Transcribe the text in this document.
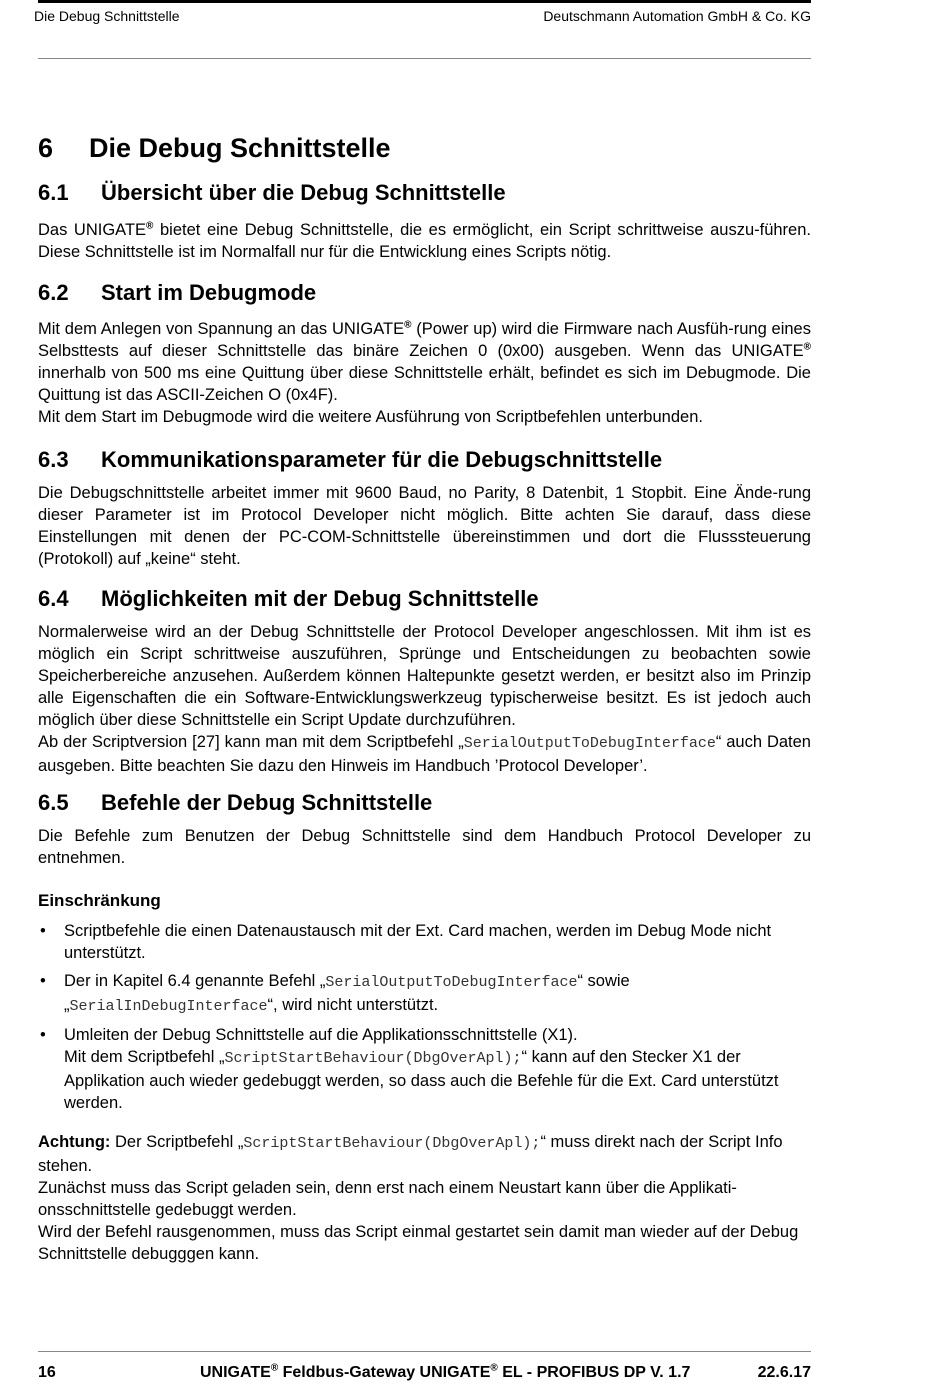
Die Debug Schnittstelle	Deutschmann Automation GmbH & Co. KG
6 Die Debug Schnittstelle
6.1 Übersicht über die Debug Schnittstelle
Das UNIGATE® bietet eine Debug Schnittstelle, die es ermöglicht, ein Script schrittweise auszu-führen. Diese Schnittstelle ist im Normalfall nur für die Entwicklung eines Scripts nötig.
6.2 Start im Debugmode
Mit dem Anlegen von Spannung an das UNIGATE® (Power up) wird die Firmware nach Ausfüh-rung eines Selbsttests auf dieser Schnittstelle das binäre Zeichen 0 (0x00) ausgeben. Wenn das UNIGATE® innerhalb von 500 ms eine Quittung über diese Schnittstelle erhält, befindet es sich im Debugmode. Die Quittung ist das ASCII-Zeichen O (0x4F).
Mit dem Start im Debugmode wird die weitere Ausführung von Scriptbefehlen unterbunden.
6.3 Kommunikationsparameter für die Debugschnittstelle
Die Debugschnittstelle arbeitet immer mit 9600 Baud, no Parity, 8 Datenbit, 1 Stopbit. Eine Ände-rung dieser Parameter ist im Protocol Developer nicht möglich. Bitte achten Sie darauf, dass diese Einstellungen mit denen der PC-COM-Schnittstelle übereinstimmen und dort die Flusssteuerung (Protokoll) auf „keine“ steht.
6.4 Möglichkeiten mit der Debug Schnittstelle
Normalerweise wird an der Debug Schnittstelle der Protocol Developer angeschlossen. Mit ihm ist es möglich ein Script schrittweise auszuführen, Sprünge und Entscheidungen zu beobachten sowie Speicherbereiche anzusehen. Außerdem können Haltepunkte gesetzt werden, er besitzt also im Prinzip alle Eigenschaften die ein Software-Entwicklungswerkzeug typischerweise besitzt. Es ist jedoch auch möglich über diese Schnittstelle ein Script Update durchzuführen.
Ab der Scriptversion [27] kann man mit dem Scriptbefehl „SerialOutputToDebugInterface“ auch Daten ausgeben. Bitte beachten Sie dazu den Hinweis im Handbuch ’Protocol Developer’.
6.5 Befehle der Debug Schnittstelle
Die Befehle zum Benutzen der Debug Schnittstelle sind dem Handbuch Protocol Developer zu entnehmen.
Einschränkung
• Scriptbefehle die einen Datenaustausch mit der Ext. Card machen, werden im Debug Mode nicht unterstützt.
• Der in Kapitel 6.4 genannte Befehl „SerialOutputToDebugInterface“ sowie „SerialInDebugInterface“, wird nicht unterstützt.
• Umleiten der Debug Schnittstelle auf die Applikationsschnittstelle (X1).
Mit dem Scriptbefehl „ScriptStartBehaviour(DbgOverApl);“ kann auf den Stecker X1 der Applikation auch wieder gedebuggt werden, so dass auch die Befehle für die Ext. Card unterstützt werden.
Achtung: Der Scriptbefehl „ScriptStartBehaviour(DbgOverApl);“ muss direkt nach der Script Info stehen.
Zunächst muss das Script geladen sein, denn erst nach einem Neustart kann über die Applikati-onsschnittstelle gedebuggt werden.
Wird der Befehl rausgenommen, muss das Script einmal gestartet sein damit man wieder auf der Debug Schnittstelle debugggen kann.
16	UNIGATE® Feldbus-Gateway UNIGATE® EL - PROFIBUS DP V. 1.7	22.6.17
